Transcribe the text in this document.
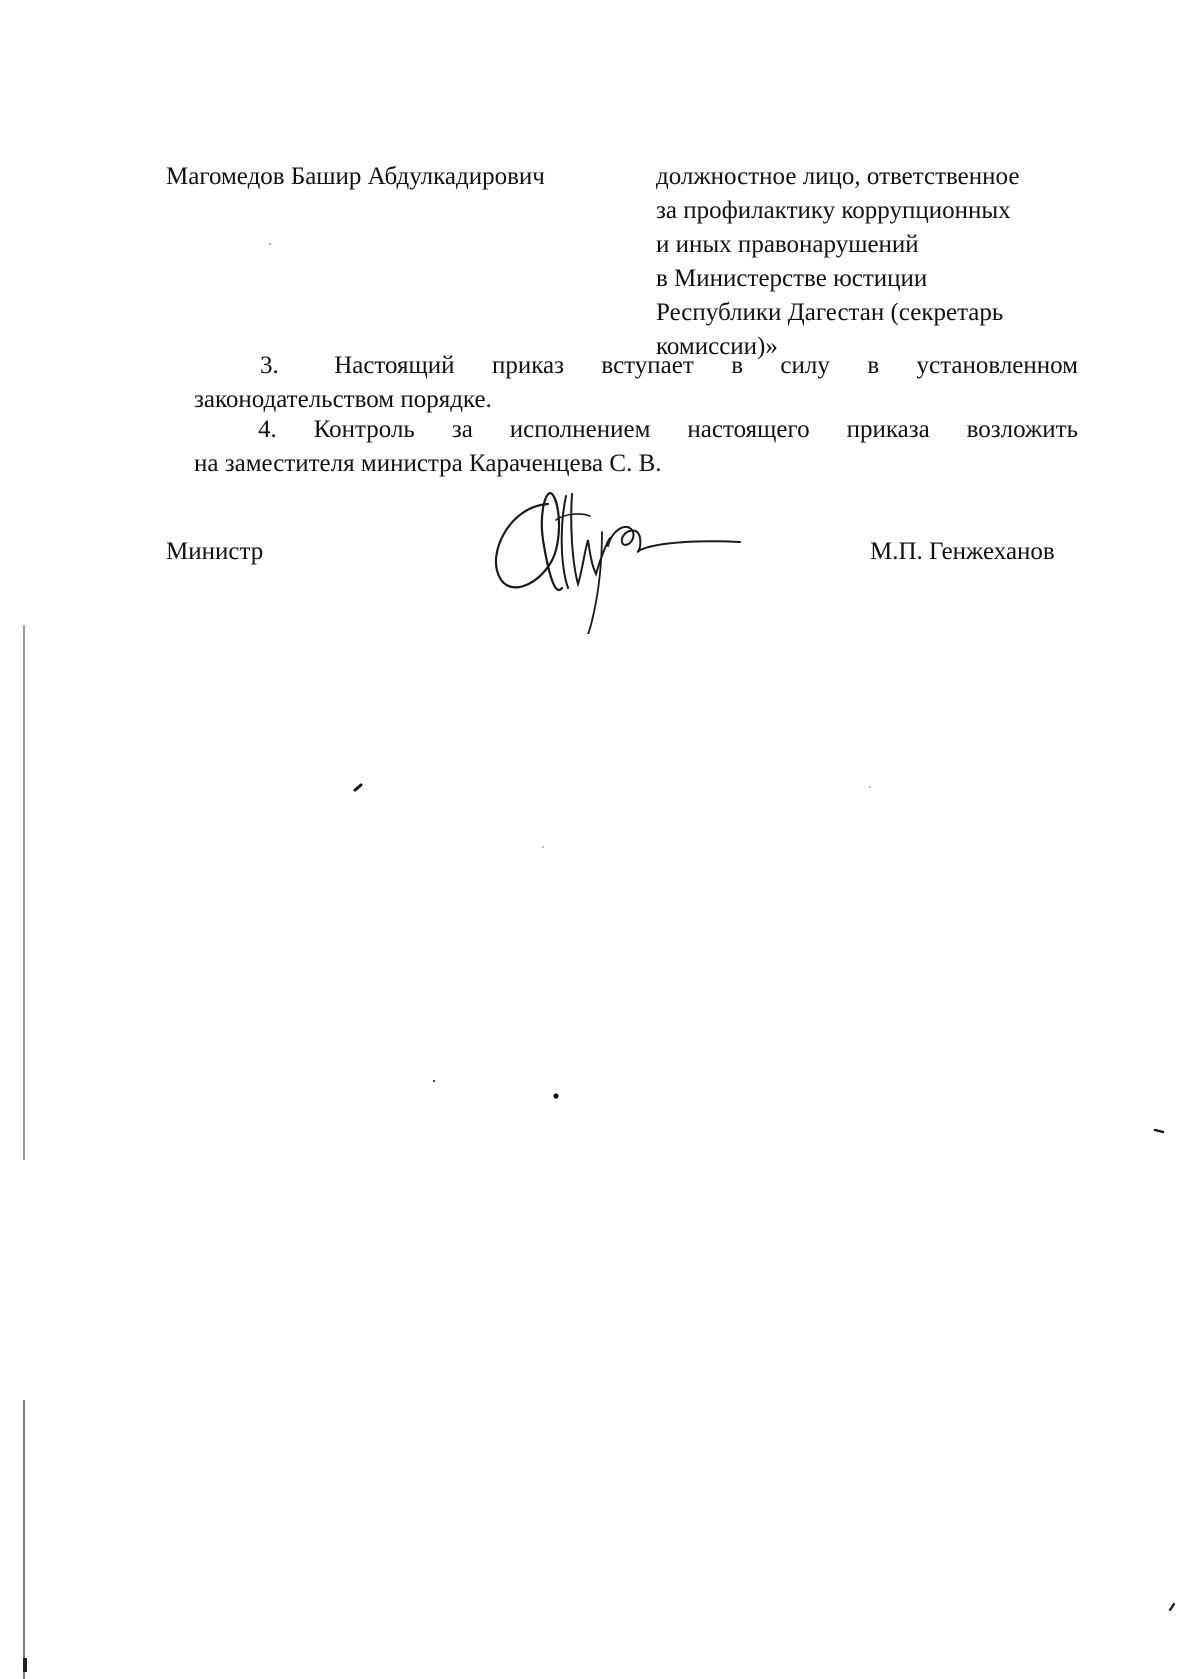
Магомедов Башир Абдулкадирович	должностное лицо, ответственное
за профилактику коррупционных
и иных правонарушений
в Министерстве юстиции
Республики Дагестан (секретарь
комиссии)»
3. Настоящий приказ вступает в силу в установленном
законодательством порядке.
4. Контроль за исполнением настоящего приказа возложить
на заместителя министра Караченцева С. В.
Министр	М.П. Генжеханов
